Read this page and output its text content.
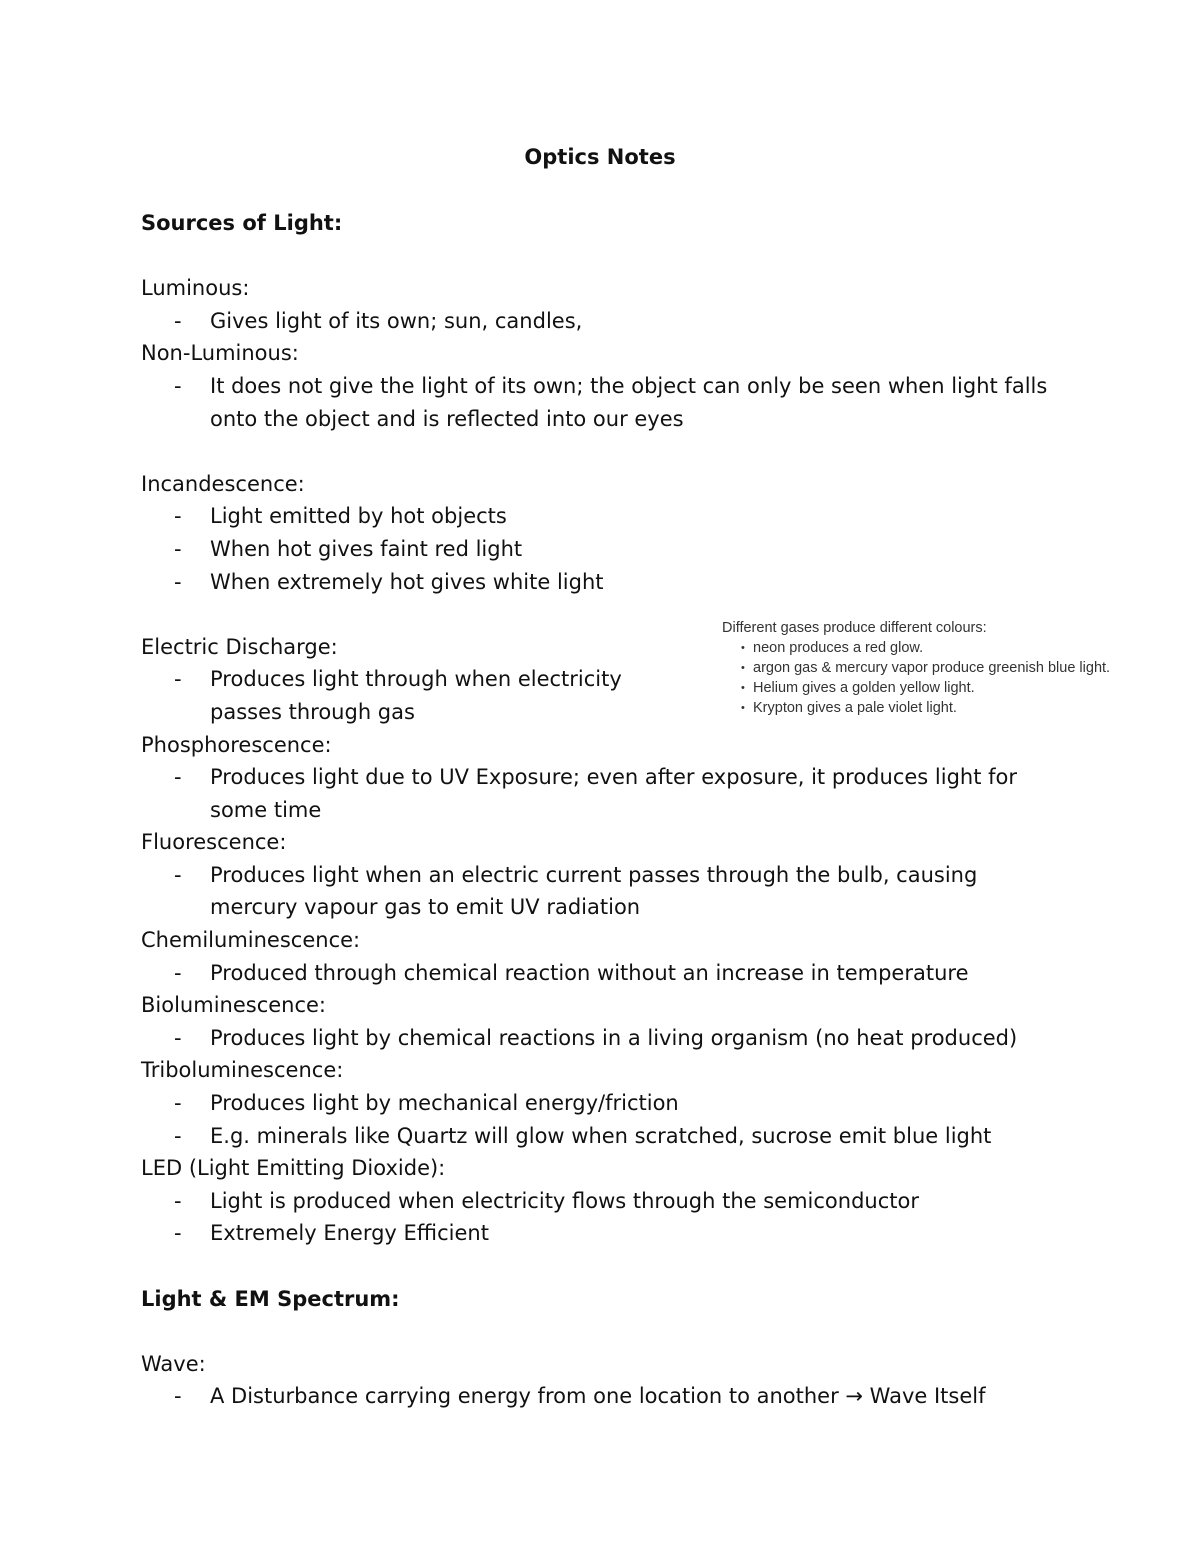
Optics Notes
Sources of Light:
Luminous:
- Gives light of its own; sun, candles,
Non-Luminous:
- It does not give the light of its own; the object can only be seen when light falls onto the object and is reflected into our eyes
Incandescence:
- Light emitted by hot objects
- When hot gives faint red light
- When extremely hot gives white light
Electric Discharge:
- Produces light through when electricity passes through gas
Phosphorescence:
- Produces light due to UV Exposure; even after exposure, it produces light for some time
Fluorescence:
- Produces light when an electric current passes through the bulb, causing mercury vapour gas to emit UV radiation
Chemiluminescence:
- Produced through chemical reaction without an increase in temperature
Bioluminescence:
- Produces light by chemical reactions in a living organism (no heat produced)
Triboluminescence:
- Produces light by mechanical energy/friction
- E.g. minerals like Quartz will glow when scratched, sucrose emit blue light
LED (Light Emitting Dioxide):
- Light is produced when electricity flows through the semiconductor
- Extremely Energy Efficient
Light & EM Spectrum:
Wave:
- A Disturbance carrying energy from one location to another → Wave Itself
Different gases produce different colours:
• neon produces a red glow.
• argon gas & mercury vapor produce greenish blue light.
• Helium gives a golden yellow light.
• Krypton gives a pale violet light.
